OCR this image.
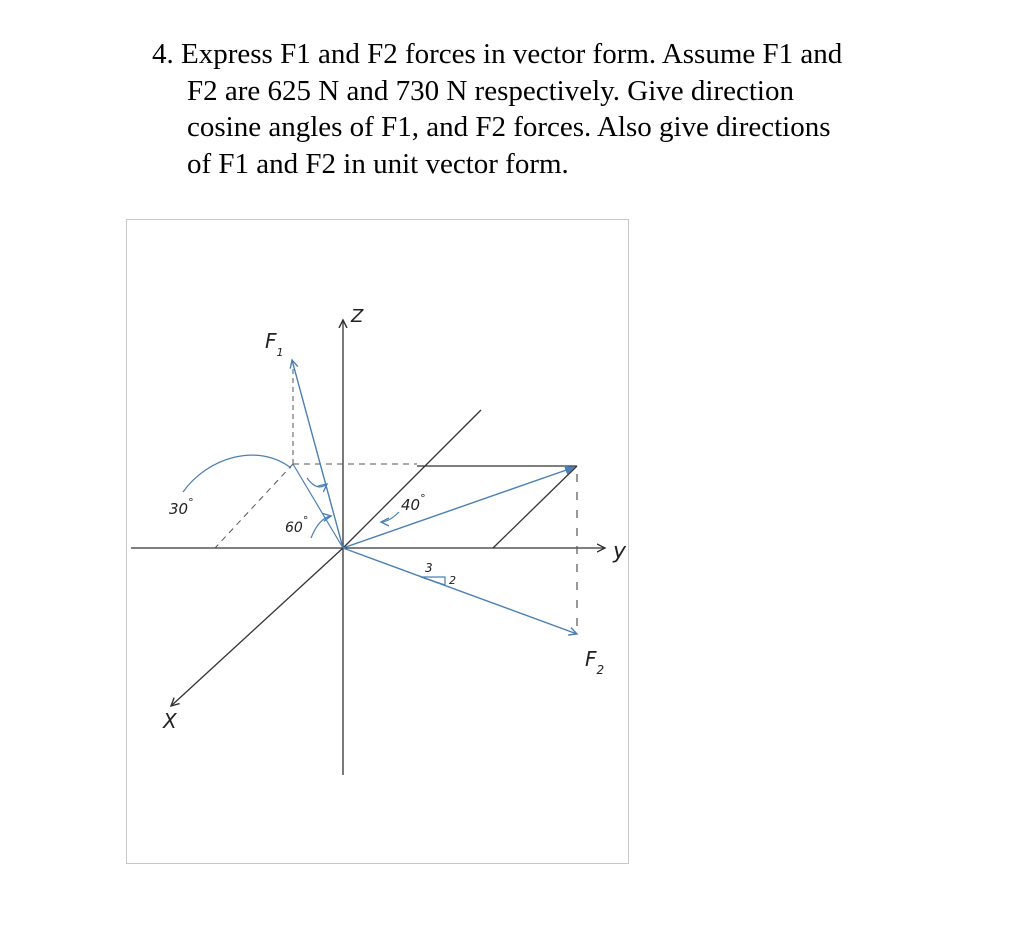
4. Express F1 and F2 forces in vector form. Assume F1 and
F2 are 625 N and 730 N respectively. Give direction
cosine angles of F1, and F2 forces. Also give directions
of F1 and F2 in unit vector form.
Z
y
X
30°
60°
40°
3
2
$F_1$
$F_2$
